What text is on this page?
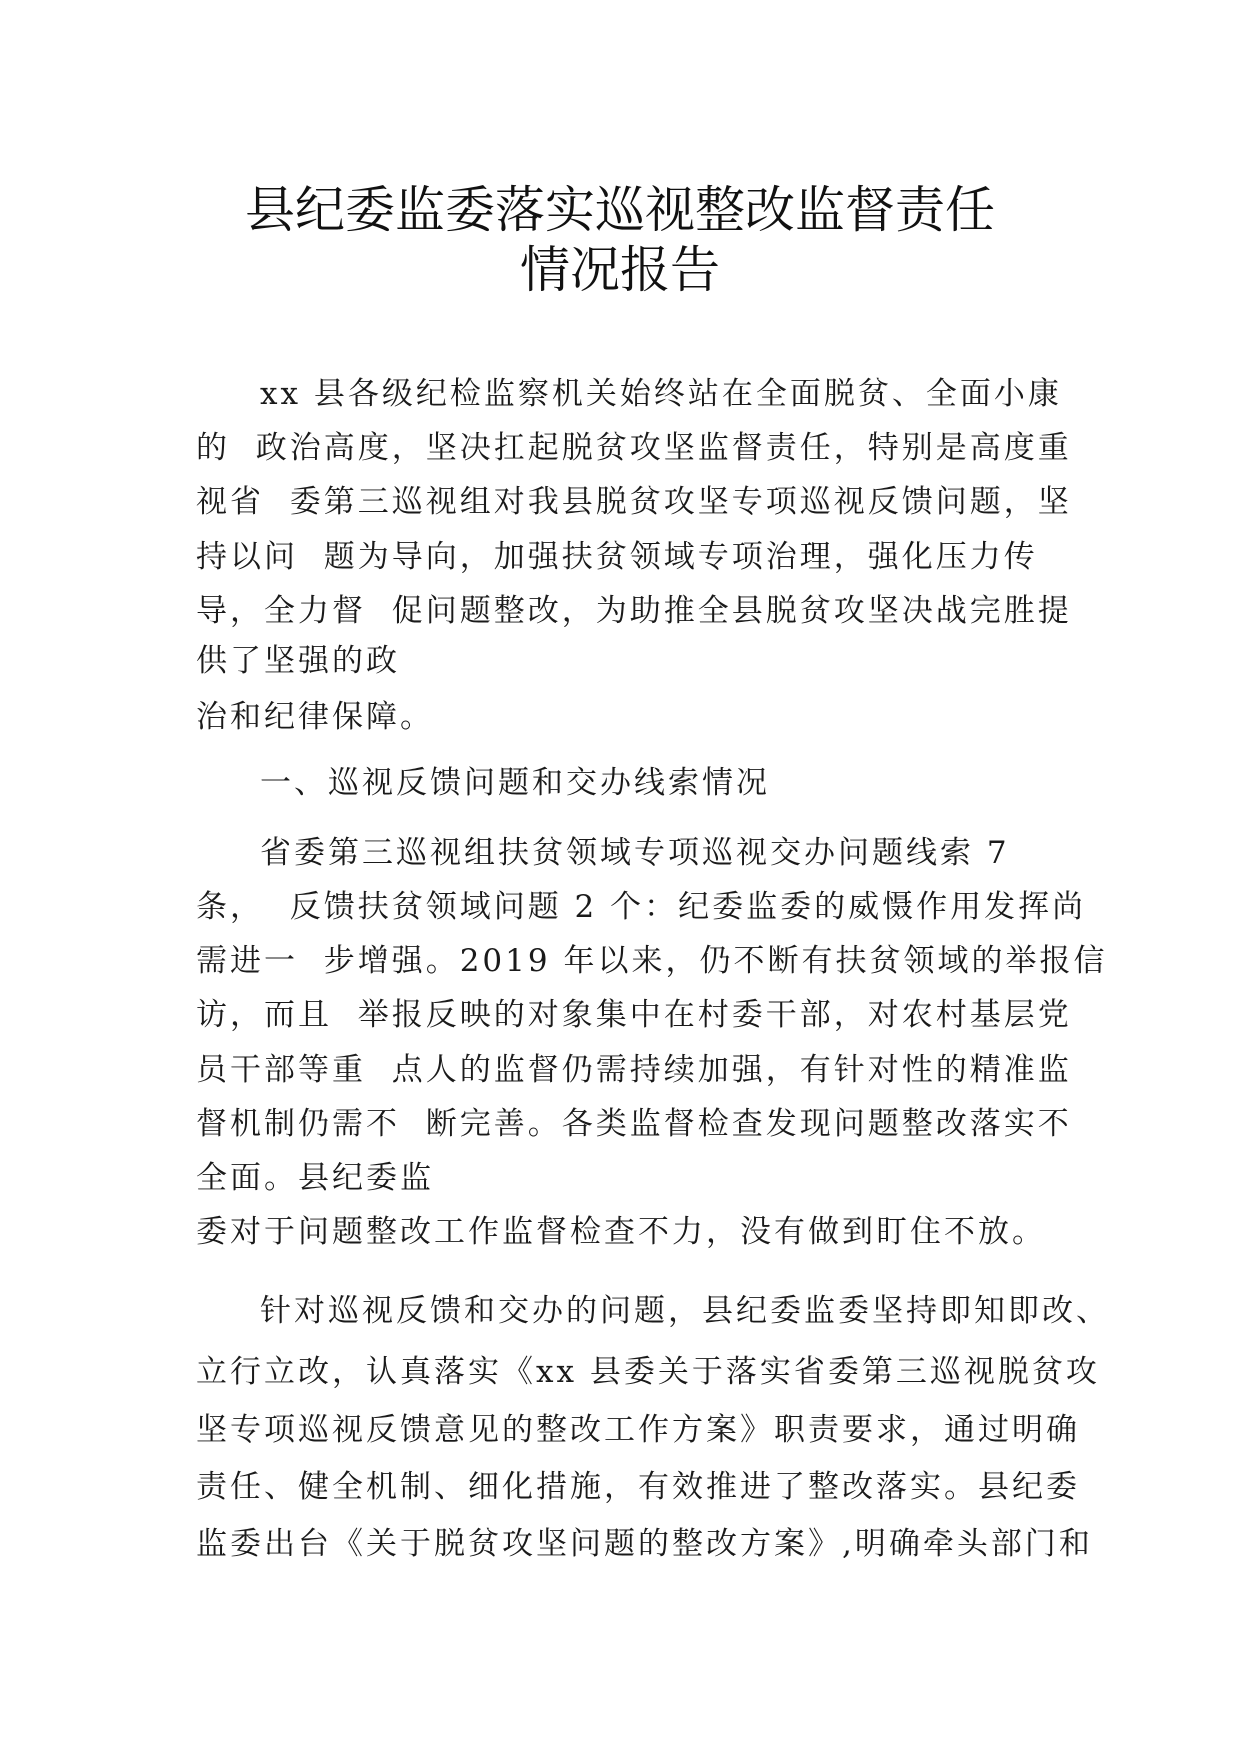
县纪委监委落实巡视整改监督责任
情况报告
xx 县各级纪检监察机关始终站在全面脱贫、全面小康
的  政治高度，坚决扛起脱贫攻坚监督责任，特别是高度重
视省  委第三巡视组对我县脱贫攻坚专项巡视反馈问题，坚
持以问  题为导向，加强扶贫领域专项治理，强化压力传
导，全力督  促问题整改，为助推全县脱贫攻坚决战完胜提
供了坚强的政
治和纪律保障。
一、巡视反馈问题和交办线索情况
省委第三巡视组扶贫领域专项巡视交办问题线索 7
条，  反馈扶贫领域问题 2 个：纪委监委的威慑作用发挥尚
需进一  步增强。2019 年以来，仍不断有扶贫领域的举报信
访，而且  举报反映的对象集中在村委干部，对农村基层党
员干部等重  点人的监督仍需持续加强，有针对性的精准监
督机制仍需不  断完善。各类监督检查发现问题整改落实不
全面。县纪委监
委对于问题整改工作监督检查不力，没有做到盯住不放。
针对巡视反馈和交办的问题，县纪委监委坚持即知即改、
立行立改，认真落实《xx 县委关于落实省委第三巡视脱贫攻
坚专项巡视反馈意见的整改工作方案》职责要求，通过明确
责任、健全机制、细化措施，有效推进了整改落实。县纪委
监委出台《关于脱贫攻坚问题的整改方案》,明确牵头部门和
